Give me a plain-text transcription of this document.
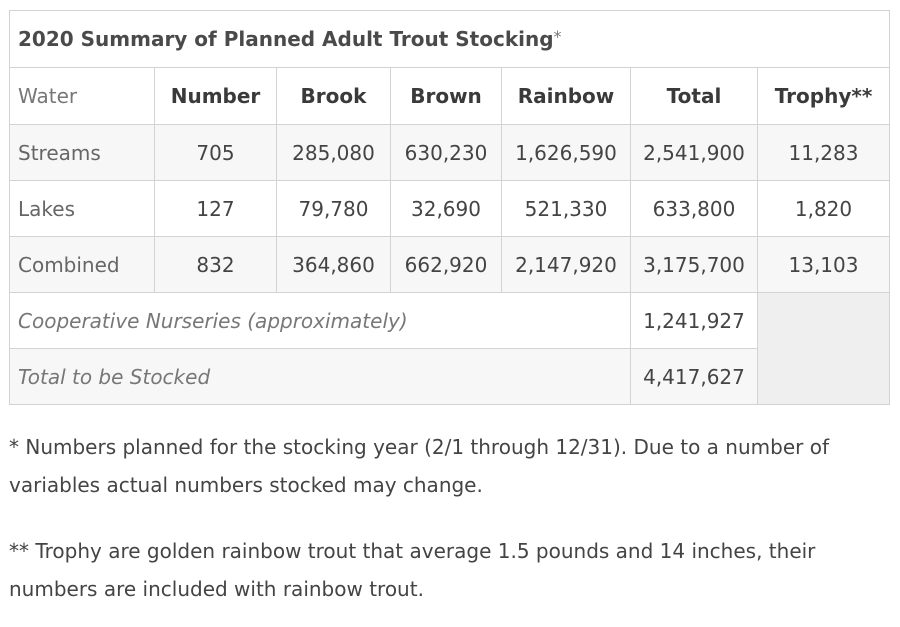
2020 Summary of Planned Adult Trout Stocking*
Water	Number	Brook	Brown	Rainbow	Total	Trophy**
Streams	705	285,080	630,230	1,626,590	2,541,900	11,283
Lakes	127	79,780	32,690	521,330	633,800	1,820
Combined	832	364,860	662,920	2,147,920	3,175,700	13,103
Cooperative Nurseries (approximately)					1,241,927	
Total to be Stocked					4,417,627	

* Numbers planned for the stocking year (2/1 through 12/31). Due to a number of variables actual numbers stocked may change.

** Trophy are golden rainbow trout that average 1.5 pounds and 14 inches, their numbers are included with rainbow trout.
